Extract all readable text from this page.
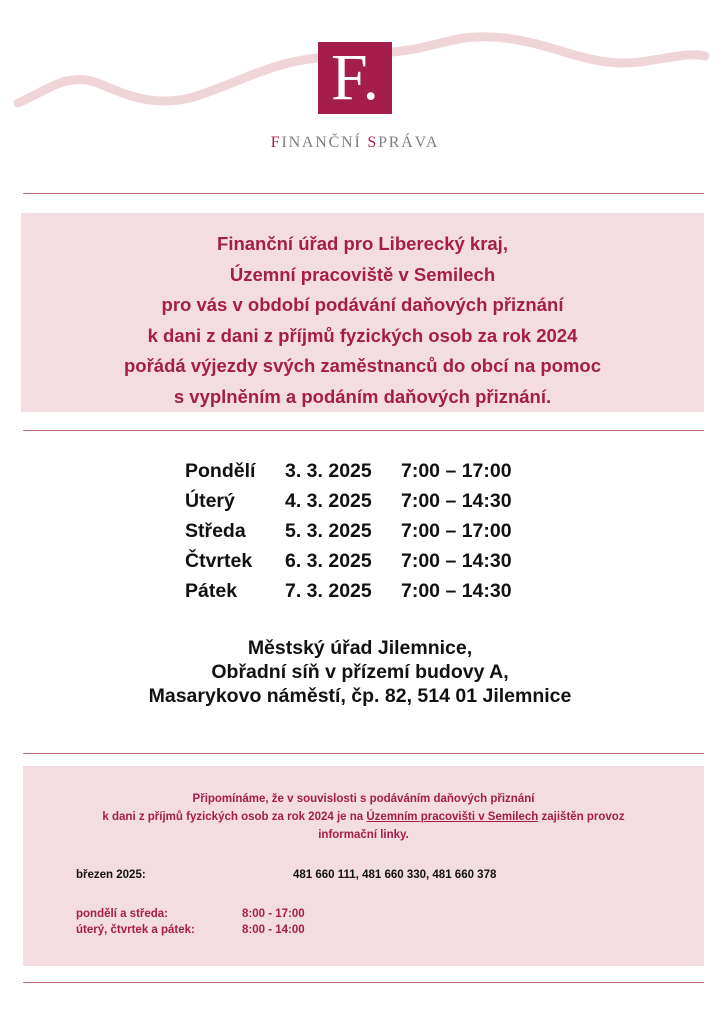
F.
FINANČNÍ SPRÁVA
Finanční úřad pro Liberecký kraj,
Územní pracoviště v Semilech
pro vás v období podávání daňových přiznání
k dani z dani z příjmů fyzických osob za rok 2024
pořádá výjezdy svých zaměstnanců do obcí na pomoc
s vyplněním a podáním daňových přiznání.
Pondělí	3. 3. 2025	7:00 – 17:00
Úterý	4. 3. 2025	7:00 – 14:30
Středa	5. 3. 2025	7:00 – 17:00
Čtvrtek	6. 3. 2025	7:00 – 14:30
Pátek	7. 3. 2025	7:00 – 14:30
Městský úřad Jilemnice,
Obřadní síň v přízemí budovy A,
Masarykovo náměstí, čp. 82, 514 01 Jilemnice
Připomínáme, že v souvislosti s podáváním daňových přiznání
k dani z příjmů fyzických osob za rok 2024 je na Územním pracovišti v Semilech zajištěn provoz
informační linky.
březen 2025:	481 660 111, 481 660 330, 481 660 378
pondělí a středa:	8:00 - 17:00
úterý, čtvrtek a pátek:	8:00 - 14:00
